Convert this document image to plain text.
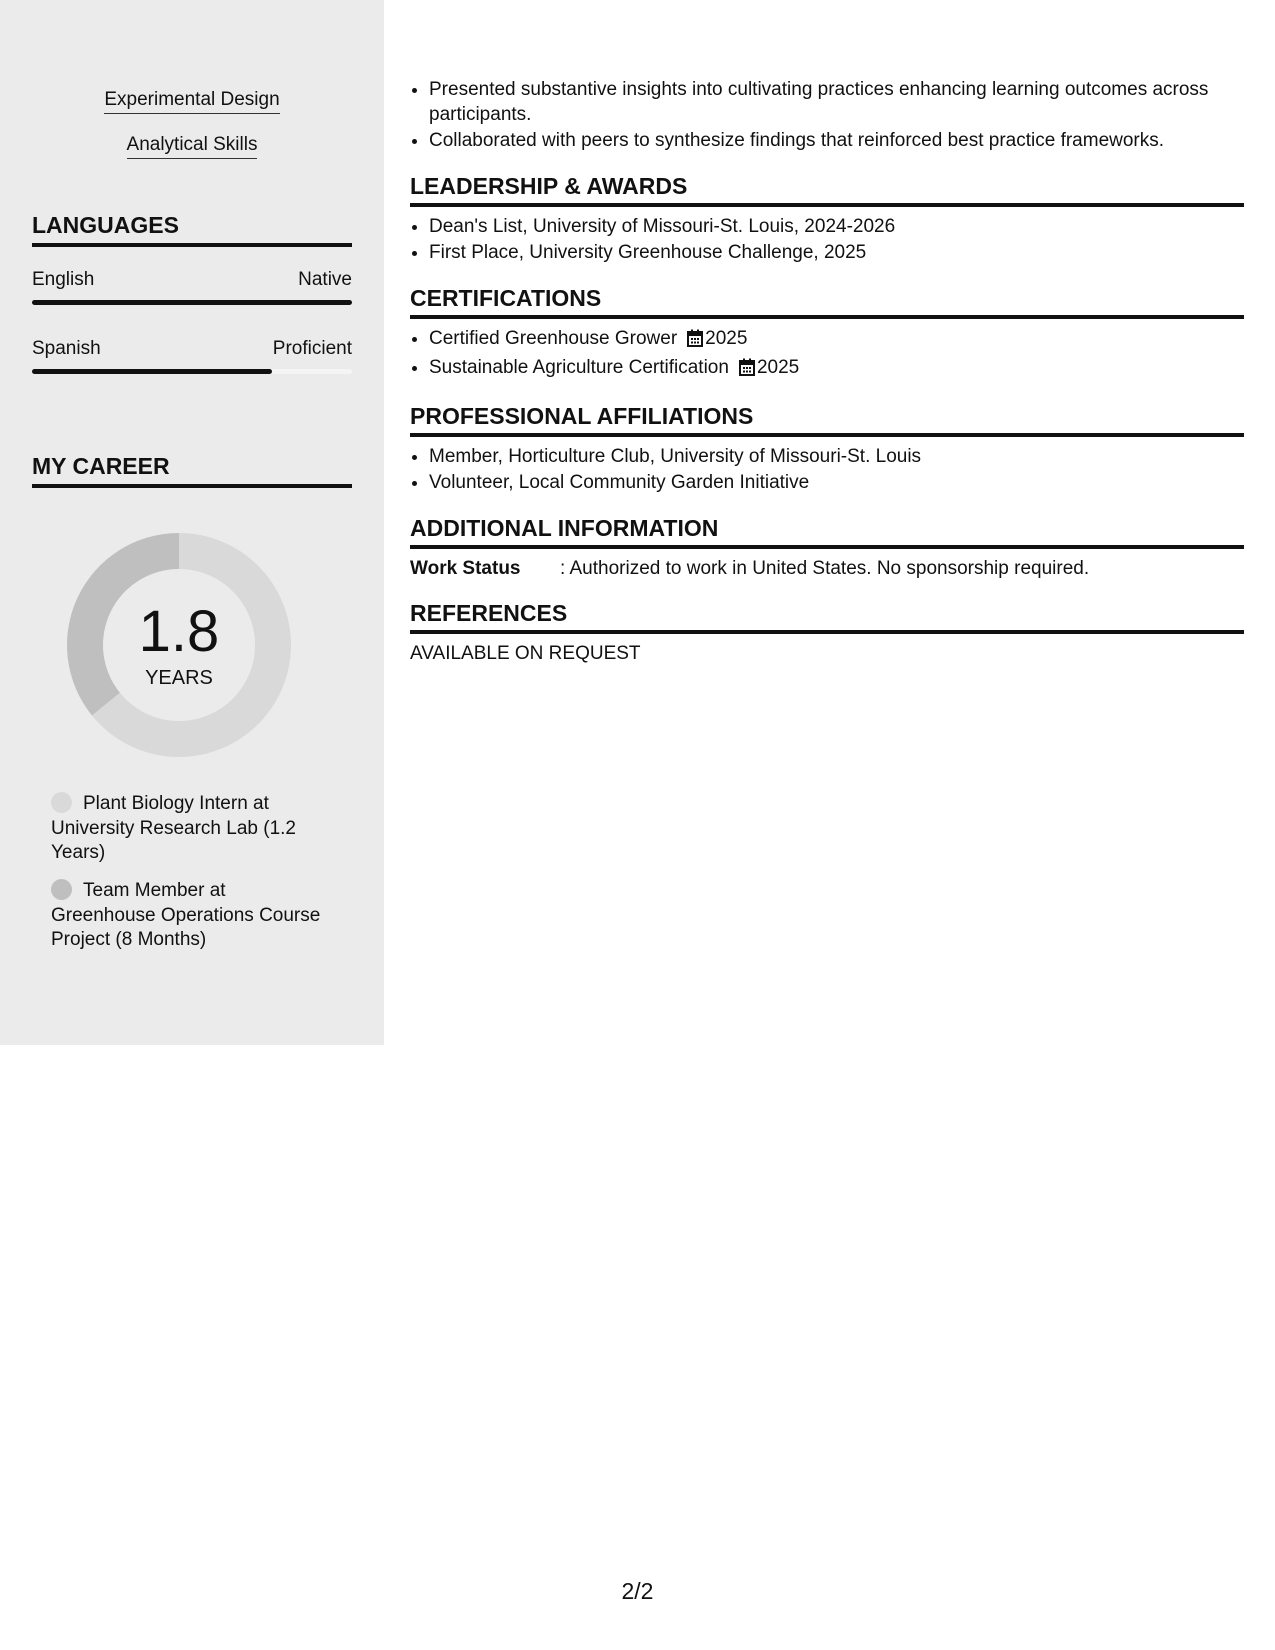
Experimental Design
Analytical Skills
LANGUAGES
English	Native
Spanish	Proficient
MY CAREER
1.8
YEARS
Plant Biology Intern at University Research Lab (1.2 Years)
Team Member at Greenhouse Operations Course Project (8 Months)
• Presented substantive insights into cultivating practices enhancing learning outcomes across participants.
• Collaborated with peers to synthesize findings that reinforced best practice frameworks.
LEADERSHIP & AWARDS
• Dean's List, University of Missouri-St. Louis, 2024-2026
• First Place, University Greenhouse Challenge, 2025
CERTIFICATIONS
• Certified Greenhouse Grower 2025
• Sustainable Agriculture Certification 2025
PROFESSIONAL AFFILIATIONS
• Member, Horticulture Club, University of Missouri-St. Louis
• Volunteer, Local Community Garden Initiative
ADDITIONAL INFORMATION
Work Status	: Authorized to work in United States. No sponsorship required.
REFERENCES
AVAILABLE ON REQUEST
2/2
